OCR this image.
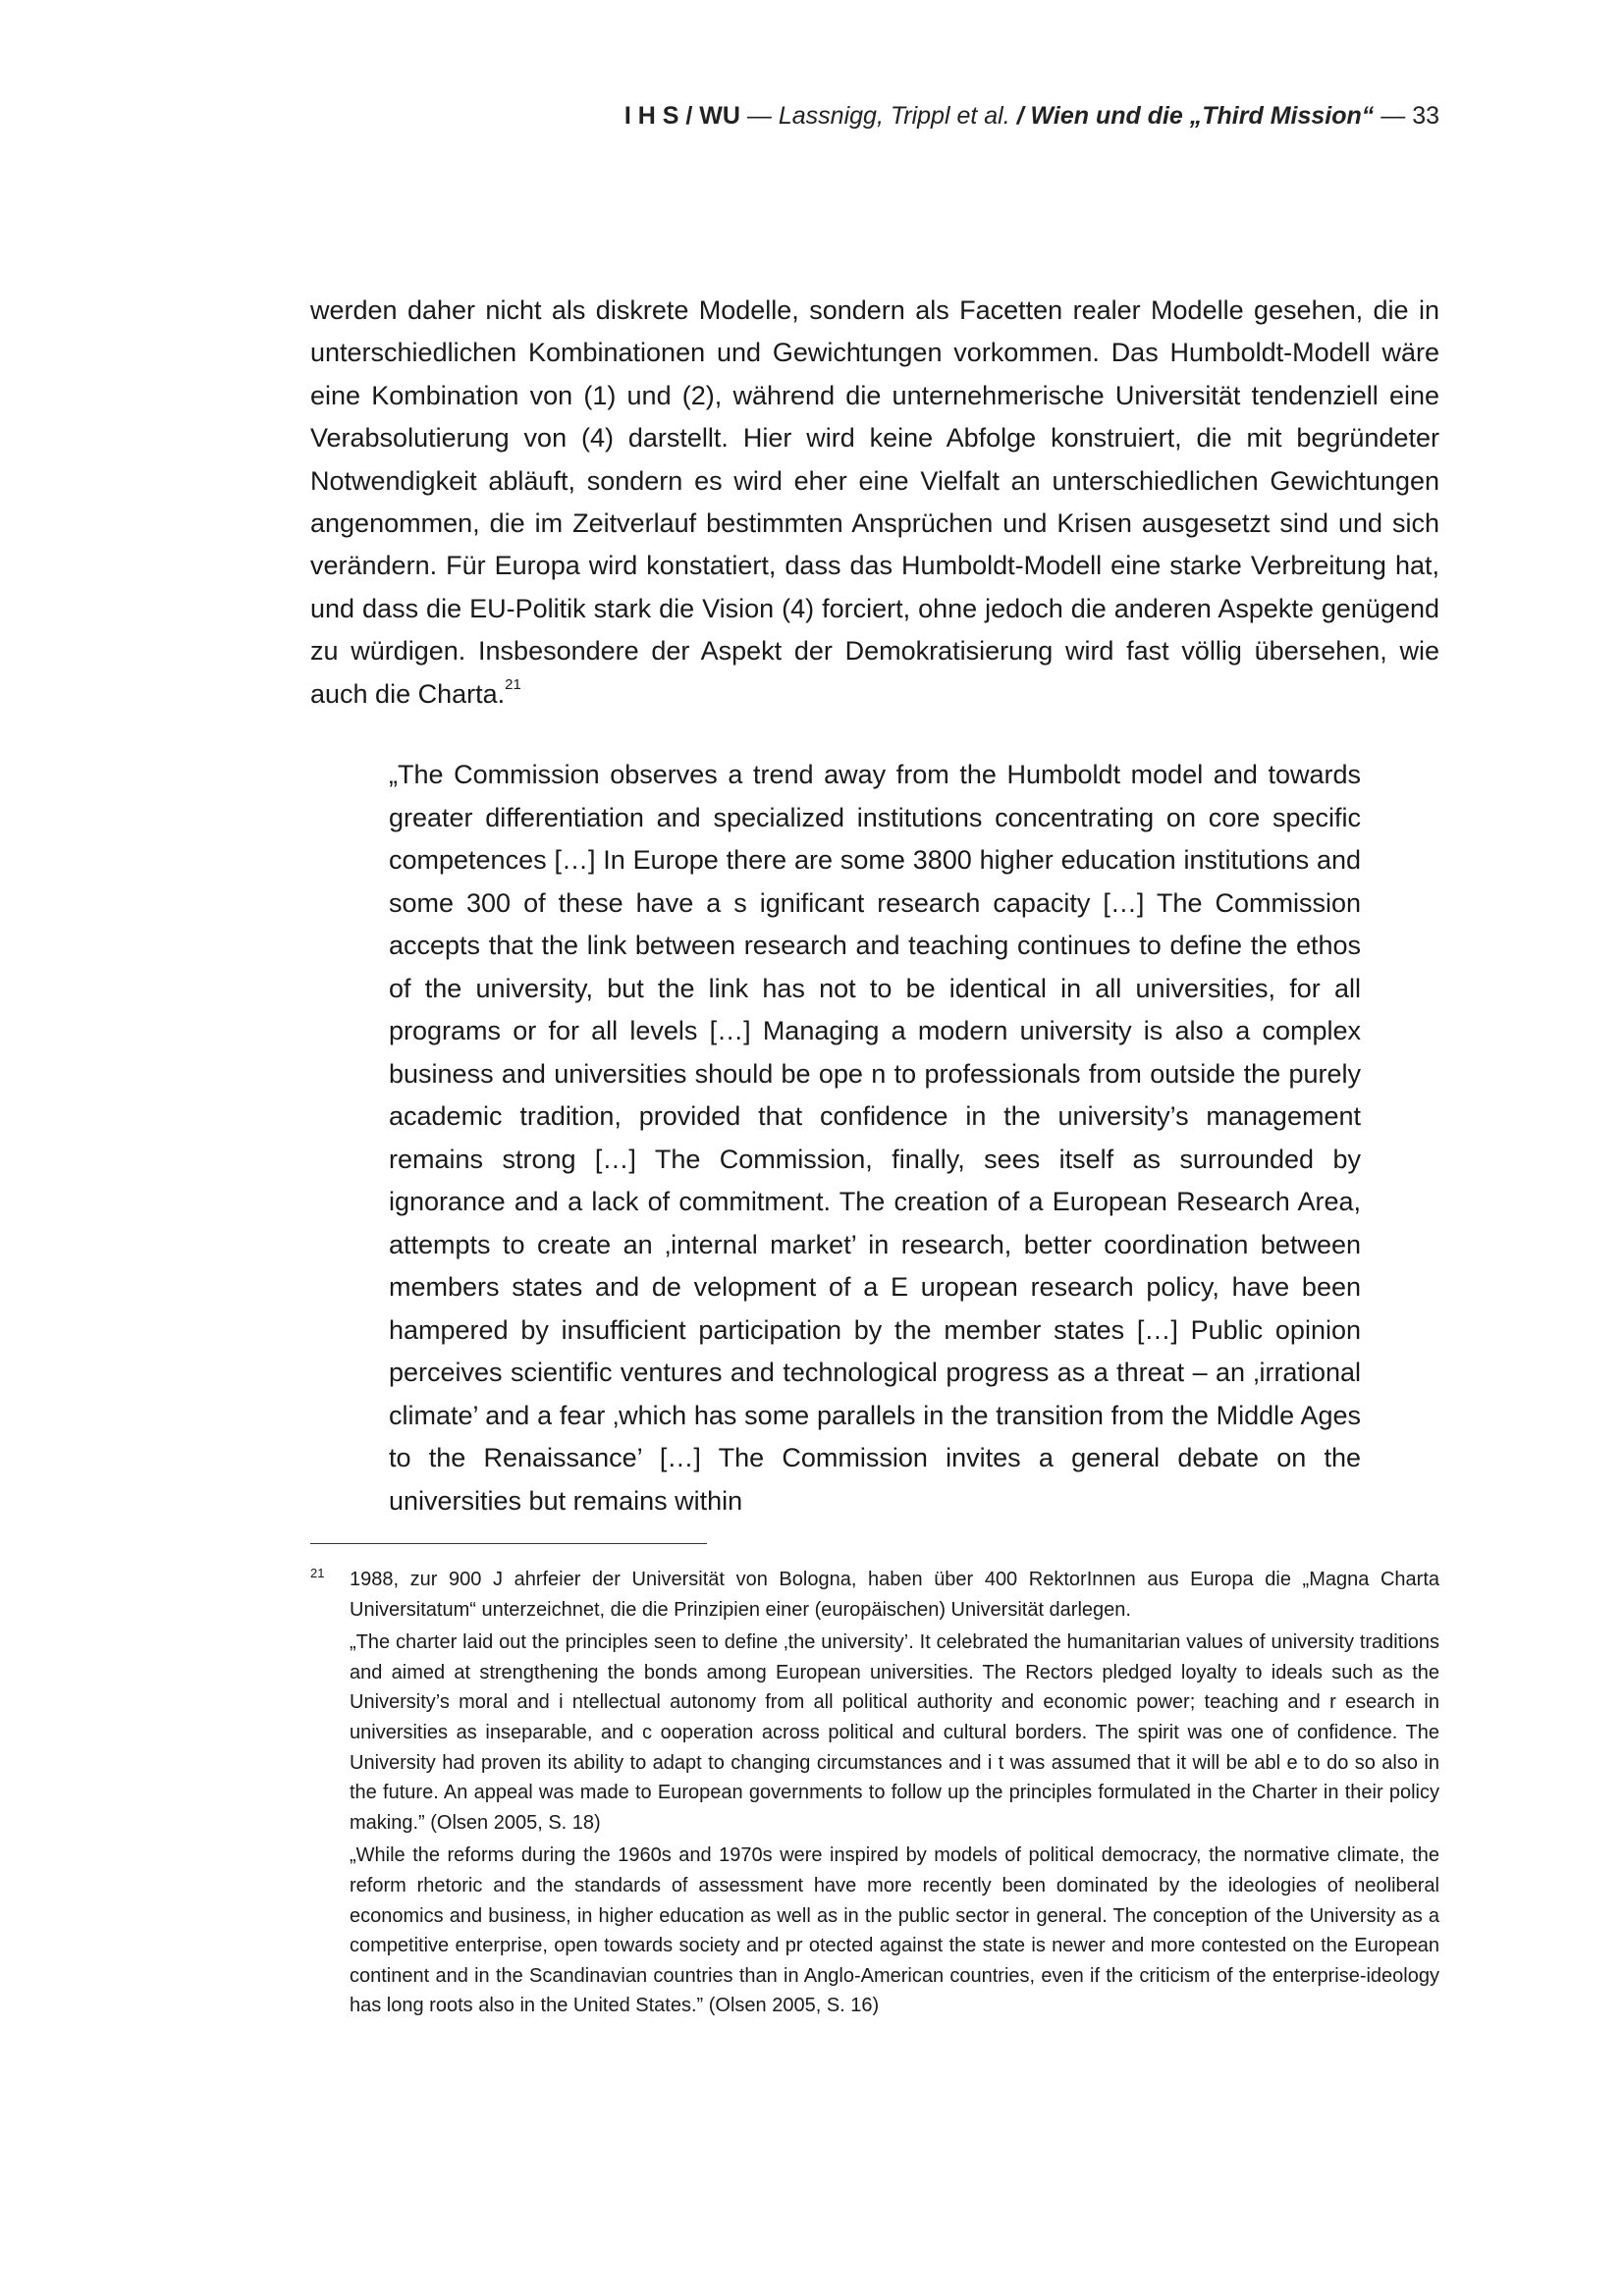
I H S / WU — Lassnigg, Trippl et al. / Wien und die „Third Mission“ — 33

werden daher nicht als diskrete Modelle, sondern als Facetten realer Modelle gesehen, die in unterschiedlichen Kombinationen und Gewichtungen vorkommen. Das Humboldt-Modell wäre eine Kombination von (1) und (2), während die unternehmerische Universität tendenziell eine Verabsolutierung von (4) darstellt. Hier wird keine Abfolge konstruiert, die mit begründeter Notwendigkeit abläuft, sondern es wird eher eine Vielfalt an unterschiedlichen Gewichtungen angenommen, die im Zeitverlauf bestimmten Ansprüchen und Krisen ausgesetzt sind und sich verändern. Für Europa wird konstatiert, dass das Humboldt-Modell eine starke Verbreitung hat, und dass die EU-Politik stark die Vision (4) forciert, ohne jedoch die anderen Aspekte genügend zu würdigen. Insbesondere der Aspekt der Demokratisierung wird fast völlig übersehen, wie auch die Charta.$^{21}$

„The Commission observes a trend away from the Humboldt model and towards greater differentiation and specialized institutions concentrating on core specific competences […] In Europe there are some 3800 higher education institutions and some 300 of these have a s ignificant research capacity […] The Commission accepts that the link between research and teaching continues to define the ethos of the university, but the link has not to be identical in all universities, for all programs or for all levels […] Managing a modern university is also a complex business and universities should be ope n to professionals from outside the purely academic tradition, provided that confidence in the university’s management remains strong […] The Commission, finally, sees itself as surrounded by ignorance and a lack of commitment. The creation of a European Research Area, attempts to create an ‚internal market’ in research, better coordination between members states and de velopment of a E uropean research policy, have been hampered by insufficient participation by the member states […] Public opinion perceives scientific ventures and technological progress as a threat – an ‚irrational climate’ and a fear ‚which has some parallels in the transition from the Middle Ages to the Renaissance’ […] The Commission invites a general debate on the universities but remains within

21 1988, zur 900 J ahrfeier der Universität von Bologna, haben über 400 RektorInnen aus Europa die „Magna Charta Universitatum“ unterzeichnet, die die Prinzipien einer (europäischen) Universität darlegen.

„The charter laid out the principles seen to define ‚the university’. It celebrated the humanitarian values of university traditions and aimed at strengthening the bonds among European universities. The Rectors pledged loyalty to ideals such as the University’s moral and i ntellectual autonomy from all political authority and economic power; teaching and r esearch in universities as inseparable, and c ooperation across political and cultural borders. The spirit was one of confidence. The University had proven its ability to adapt to changing circumstances and i t was assumed that it will be abl e to do so also in the future. An appeal was made to European governments to follow up the principles formulated in the Charter in their policy making.” (Olsen 2005, S. 18)

„While the reforms during the 1960s and 1970s were inspired by models of political democracy, the normative climate, the reform rhetoric and the standards of assessment have more recently been dominated by the ideologies of neoliberal economics and business, in higher education as well as in the public sector in general. The conception of the University as a competitive enterprise, open towards society and pr otected against the state is newer and more contested on the European continent and in the Scandinavian countries than in Anglo-American countries, even if the criticism of the enterprise-ideology has long roots also in the United States.” (Olsen 2005, S. 16)
